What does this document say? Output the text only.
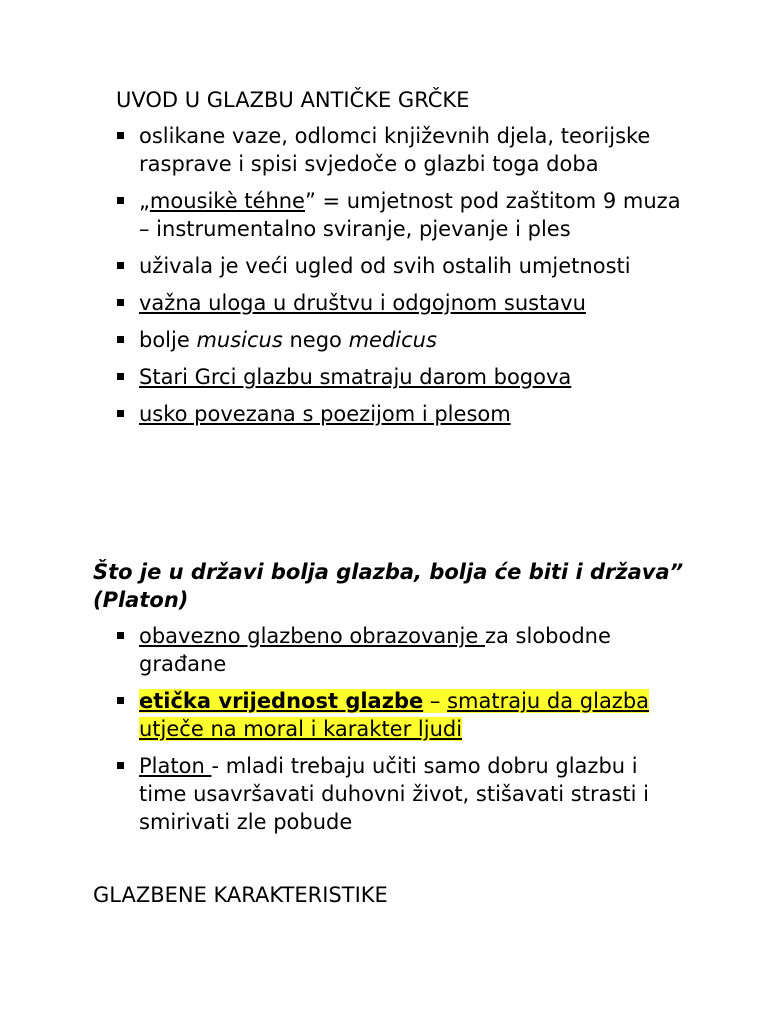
UVOD U GLAZBU ANTIČKE GRČKE
oslikane vaze, odlomci književnih djela, teorijske rasprave i spisi svjedoče o glazbi toga doba
„mousikè téhne” = umjetnost pod zaštitom 9 muza – instrumentalno sviranje, pjevanje i ples
uživala je veći ugled od svih ostalih umjetnosti
važna uloga u društvu i odgojnom sustavu
bolje musicus nego medicus
Stari Grci glazbu smatraju darom bogova
usko povezana s poezijom i plesom

Što je u državi bolja glazba, bolja će biti i država” (Platon)

obavezno glazbeno obrazovanje za slobodne građane
etička vrijednost glazbe – smatraju da glazba utječe na moral i karakter ljudi
Platon - mladi trebaju učiti samo dobru glazbu i time usavršavati duhovni život, stišavati strasti i smirivati zle pobude
GLAZBENE KARAKTERISTIKE
